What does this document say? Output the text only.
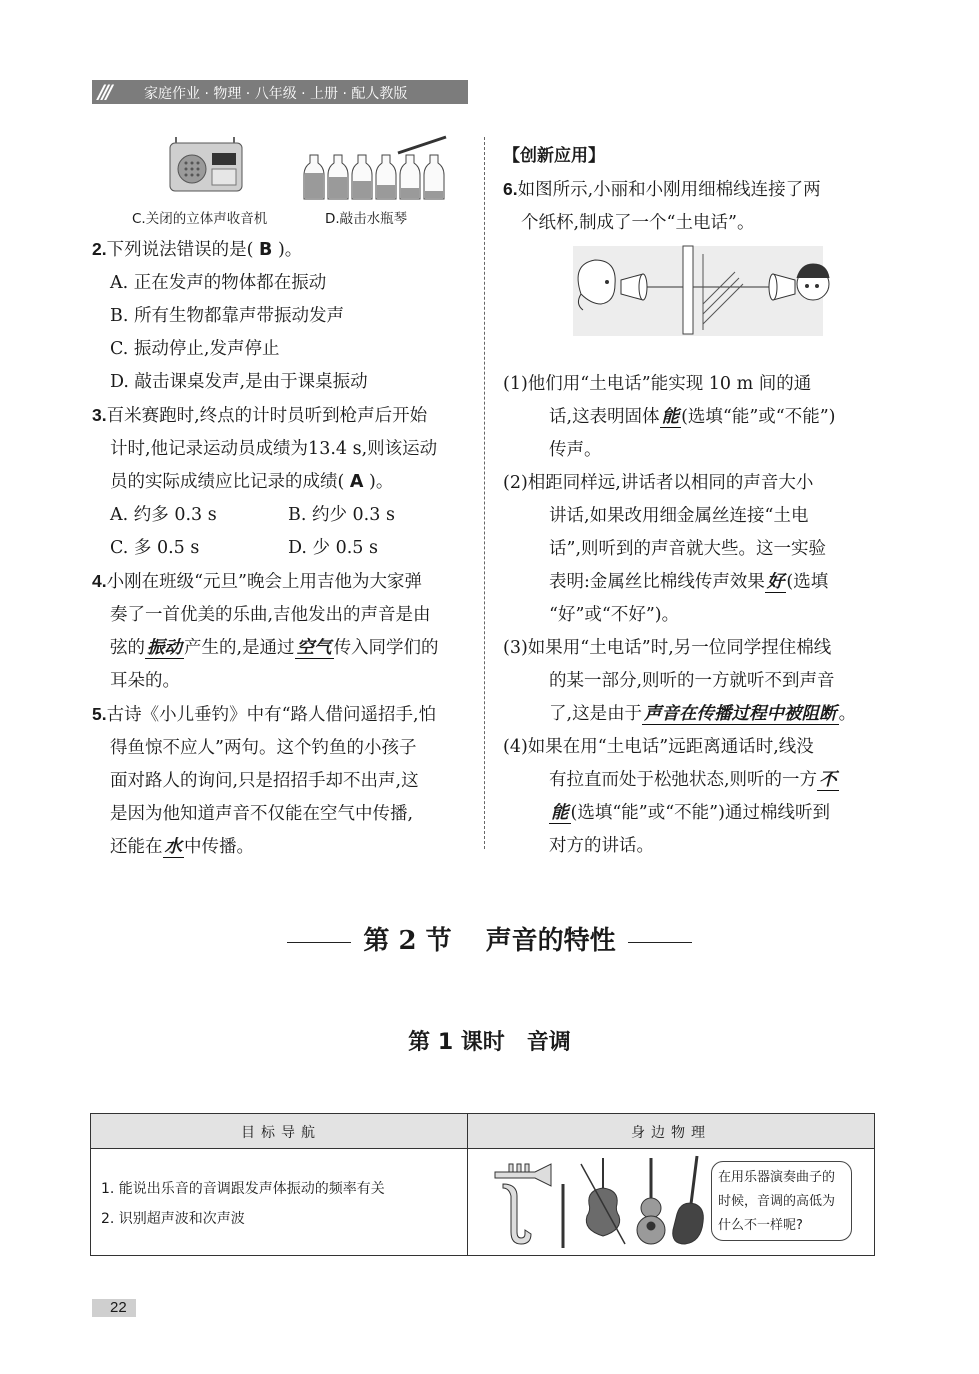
/// 家庭作业 · 物理 · 八年级 · 上册 · 配人教版
C.关闭的立体声收音机	D.敲击水瓶琴
2.下列说法错误的是( B )。
A. 正在发声的物体都在振动
B. 所有生物都靠声带振动发声
C. 振动停止,发声停止
D. 敲击课桌发声,是由于课桌振动
3.百米赛跑时,终点的计时员听到枪声后开始
计时,他记录运动员成绩为13.4 s,则该运动
员的实际成绩应比记录的成绩( A )。
A. 约多 0.3 s	B. 约少 0.3 s
C. 多 0.5 s	D. 少 0.5 s
4.小刚在班级“元旦”晚会上用吉他为大家弹
奏了一首优美的乐曲,吉他发出的声音是由
弦的 振动 产生的,是通过 空气 传入同学们的
耳朵的。
5.古诗《小儿垂钓》中有“路人借问遥招手,怕
得鱼惊不应人”两句。这个钓鱼的小孩子
面对路人的询问,只是招招手却不出声,这
是因为他知道声音不仅能在空气中传播,
还能在 水 中传播。
【创新应用】
6.如图所示,小丽和小刚用细棉线连接了两
个纸杯,制成了一个“土电话”。
(1)他们用“土电话”能实现 10 m 间的通
话,这表明固体 能 (选填“能”或“不能”)
传声。
(2)相距同样远,讲话者以相同的声音大小
讲话,如果改用细金属丝连接“土电
话”,则听到的声音就大些。这一实验
表明:金属丝比棉线传声效果 好 (选填
“好”或“不好”)。
(3)如果用“土电话”时,另一位同学捏住棉线
的某一部分,则听的一方就听不到声音
了,这是由于 声音在传播过程中被阻断 。
(4)如果在用“土电话”远距离通话时,线没
有拉直而处于松弛状态,则听的一方 不
能 (选填“能”或“不能”)通过棉线听到
对方的讲话。
第 2 节 声音的特性
第 1 课时　音调
目标导航	身边物理
1. 能说出乐音的音调跟发声体振动的频率有关
2. 识别超声波和次声波
在用乐器演奏曲子的
时候，音调的高低为
什么不一样呢?
22
